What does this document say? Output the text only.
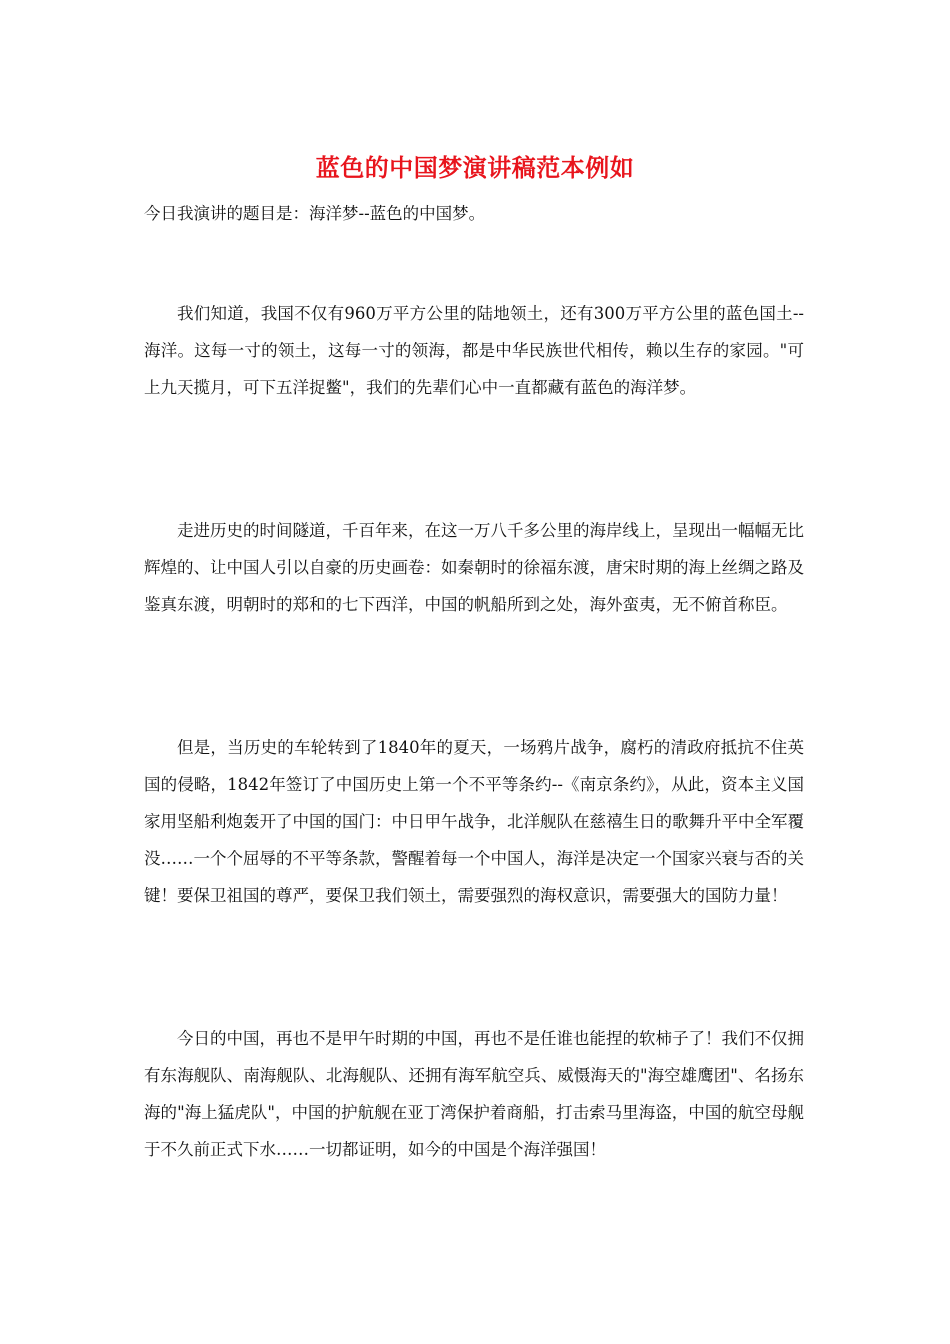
蓝色的中国梦演讲稿范本例如

今日我演讲的题目是：海洋梦--蓝色的中国梦。

我们知道，我国不仅有960万平方公里的陆地领土，还有300万平方公里的蓝色国土--海洋。这每一寸的领土，这每一寸的领海，都是中华民族世代相传，赖以生存的家园。"可上九天揽月，可下五洋捉鳖"，我们的先辈们心中一直都藏有蓝色的海洋梦。

走进历史的时间隧道，千百年来，在这一万八千多公里的海岸线上，呈现出一幅幅无比辉煌的、让中国人引以自豪的历史画卷：如秦朝时的徐福东渡，唐宋时期的海上丝绸之路及鉴真东渡，明朝时的郑和的七下西洋，中国的帆船所到之处，海外蛮夷，无不俯首称臣。

但是，当历史的车轮转到了1840年的夏天，一场鸦片战争，腐朽的清政府抵抗不住英国的侵略，1842年签订了中国历史上第一个不平等条约--《南京条约》，从此，资本主义国家用坚船利炮轰开了中国的国门：中日甲午战争，北洋舰队在慈禧生日的歌舞升平中全军覆没……一个个屈辱的不平等条款，警醒着每一个中国人，海洋是决定一个国家兴衰与否的关键！要保卫祖国的尊严，要保卫我们领土，需要强烈的海权意识，需要强大的国防力量！

今日的中国，再也不是甲午时期的中国，再也不是任谁也能捏的软柿子了！我们不仅拥有东海舰队、南海舰队、北海舰队、还拥有海军航空兵、威慑海天的"海空雄鹰团"、名扬东海的"海上猛虎队"，中国的护航舰在亚丁湾保护着商船，打击索马里海盗，中国的航空母舰于不久前正式下水……一切都证明，如今的中国是个海洋强国！
